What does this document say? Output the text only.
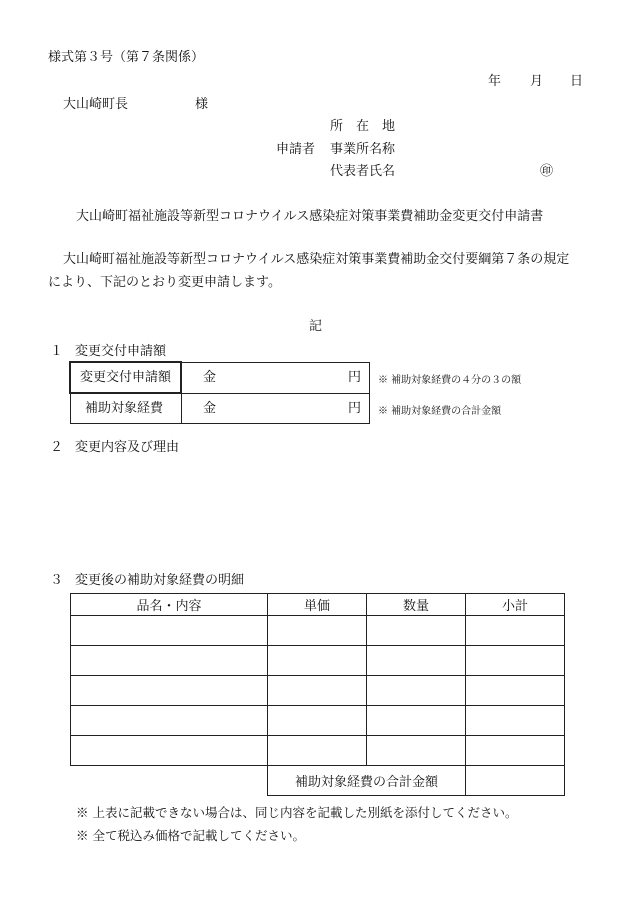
様式第３号（第７条関係）
年 月 日
大山崎町長	様
所　在　地
申請者 事業所名称
代表者氏名	㊞
大山崎町福祉施設等新型コロナウイルス感染症対策事業費補助金変更交付申請書
大山崎町福祉施設等新型コロナウイルス感染症対策事業費補助金交付要綱第７条の規定
により、下記のとおり変更申請します。
記
１ 変更交付申請額
変更交付申請額 金	円 ※ 補助対象経費の４分の３の額
補助対象経費	金	円 ※ 補助対象経費の合計金額
２ 変更内容及び理由
３ 変更後の補助対象経費の明細
品名・内容	単価	数量	小計

	補助対象経費の合計金額		
※ 上表に記載できない場合は、同じ内容を記載した別紙を添付してください。
※ 全て税込み価格で記載してください。
